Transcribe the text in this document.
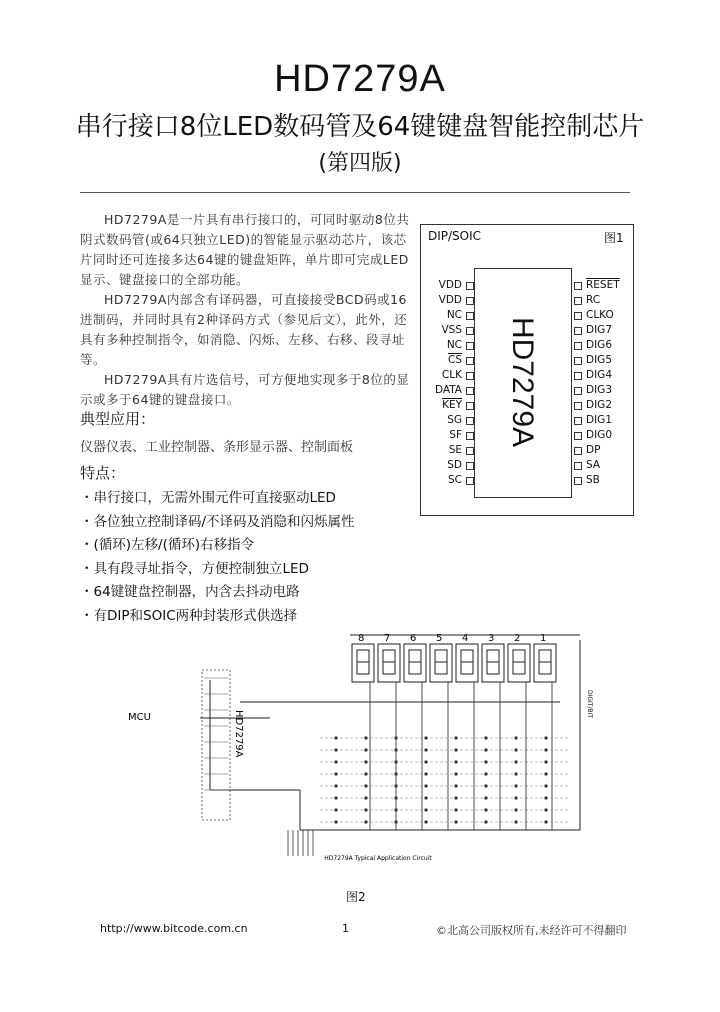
HD7279A
串行接口8位LED数码管及64键键盘智能控制芯片
(第四版)

HD7279A是一片具有串行接口的，可同时驱动8位共阴式数码管(或64只独立LED)的智能显示驱动芯片，该芯片同时还可连接多达64键的键盘矩阵，单片即可完成LED显示、键盘接口的全部功能。

HD7279A内部含有译码器，可直接接受BCD码或16进制码，并同时具有2种译码方式（参见后文），此外，还具有多种控制指令，如消隐、闪烁、左移、右移、段寻址等。

HD7279A具有片选信号，可方便地实现多于8位的显示或多于64键的键盘接口。

典型应用：
仪器仪表、工业控制器、条形显示器、控制面板
特点：
・串行接口，无需外围元件可直接驱动LED
・各位独立控制译码/不译码及消隐和闪烁属性
・(循环)左移/(循环)右移指令
・具有段寻址指令，方便控制独立LED
・64键键盘控制器，内含去抖动电路
・有DIP和SOIC两种封装形式供选择
DIP/SOIC	图1
HD7279A
VDD
VDD
NC
VSS
NC
$\overline{CS}$
CLK
DATA
$\overline{KEY}$
SG
SF
SE
SD
SC
RESET
RC
CLKO
DIG7
DIG6
DIG5
DIG4
DIG3
DIG2
DIG1
DIG0
DP
SA
SB
8 7 6 5 4 3 2 1
MCU	HD7279A
DIGIT/BIT
HD7279A Typical Application Circuit
图2
http://www.bitcode.com.cn	1	©北高公司版权所有,未经许可不得翻印
